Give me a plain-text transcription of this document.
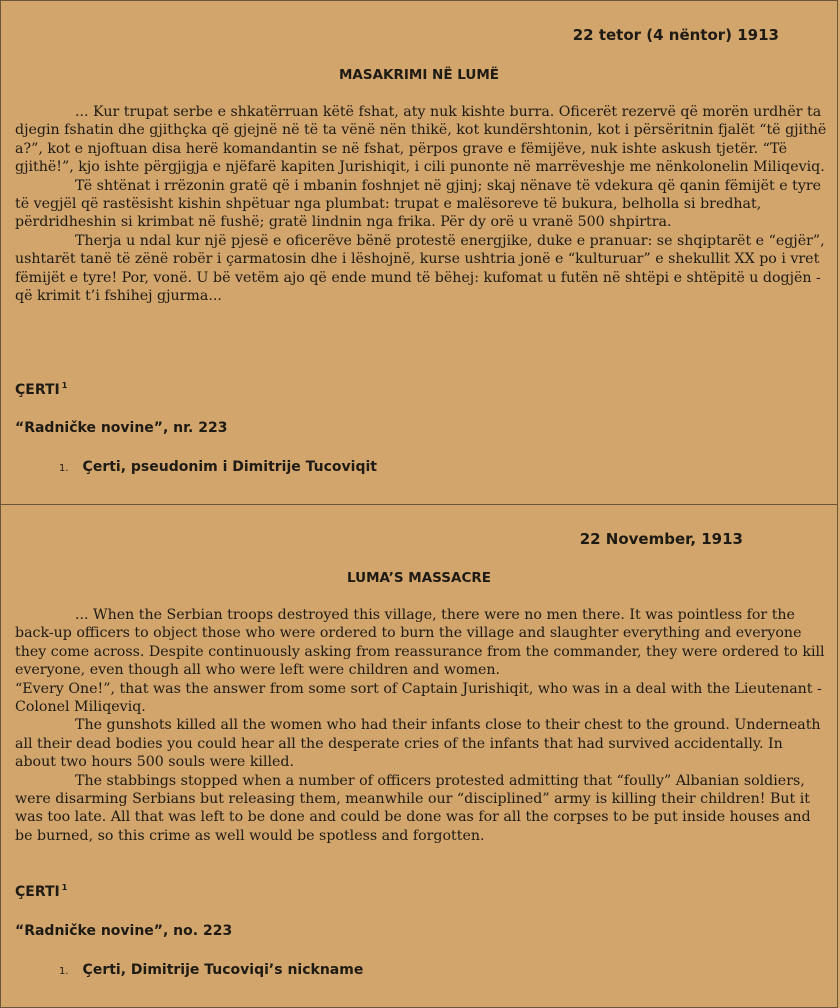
22 tetor (4 nëntor) 1913
MASAKRIMI NË LUMË

... Kur trupat serbe e shkatërruan këtë fshat, aty nuk kishte burra. Oficerët rezervë që morën urdhër ta djegin fshatin dhe gjithçka që gjejnë në të ta vënë nën thikë, kot kundërshtonin, kot i përsëritnin fjalët “të gjithë a?”, kot e njoftuan disa herë komandantin se në fshat, përpos grave e fëmijëve, nuk ishte askush tjetër. “Të gjithë!”, kjo ishte përgjigja e njëfarë kapiten Jurishiqit, i cili punonte në marrëveshje me nënkolonelin Miliqeviq.

Të shtënat i rrëzonin gratë që i mbanin foshnjet në gjinj; skaj nënave të vdekura që qanin fëmijët e tyre të vegjël që rastësisht kishin shpëtuar nga plumbat: trupat e malësoreve të bukura, belholla si bredhat, përdridheshin si krimbat në fushë; gratë lindnin nga frika. Për dy orë u vranë 500 shpirtra.

Therja u ndal kur një pjesë e oficerëve bënë protestë energjike, duke e pranuar: se shqiptarët e “egjër”, ushtarët tanë të zënë robër i çarmatosin dhe i lëshojnë, kurse ushtria jonë e “kulturuar” e shekullit XX po i vret fëmijët e tyre! Por, vonë. U bë vetëm ajo që ende mund të bëhej: kufomat u futën në shtëpi e shtëpitë u dogjën - që krimit t’i fshihej gjurma...

ÇERTI $^1$
“Radničke novine”, nr. 223
1. Çerti, pseudonim i Dimitrije Tucoviqit
22 November, 1913
LUMA’S MASSACRE

... When the Serbian troops destroyed this village, there were no men there. It was pointless for the back-up officers to object those who were ordered to burn the village and slaughter everything and everyone they come across. Despite continuously asking from reassurance from the commander, they were ordered to kill everyone, even though all who were left were children and women.

“Every One!”, that was the answer from some sort of Captain Jurishiqit, who was in a deal with the Lieutenant - Colonel Miliqeviq.

The gunshots killed all the women who had their infants close to their chest to the ground. Underneath all their dead bodies you could hear all the desperate cries of the infants that had survived accidentally. In about two hours 500 souls were killed.

The stabbings stopped when a number of officers protested admitting that “foully” Albanian soldiers, were disarming Serbians but releasing them, meanwhile our “disciplined” army is killing their children! But it was too late. All that was left to be done and could be done was for all the corpses to be put inside houses and be burned, so this crime as well would be spotless and forgotten.

ÇERTI $^1$
“Radničke novine”, no. 223
1. Çerti, Dimitrije Tucoviqi’s nickname
